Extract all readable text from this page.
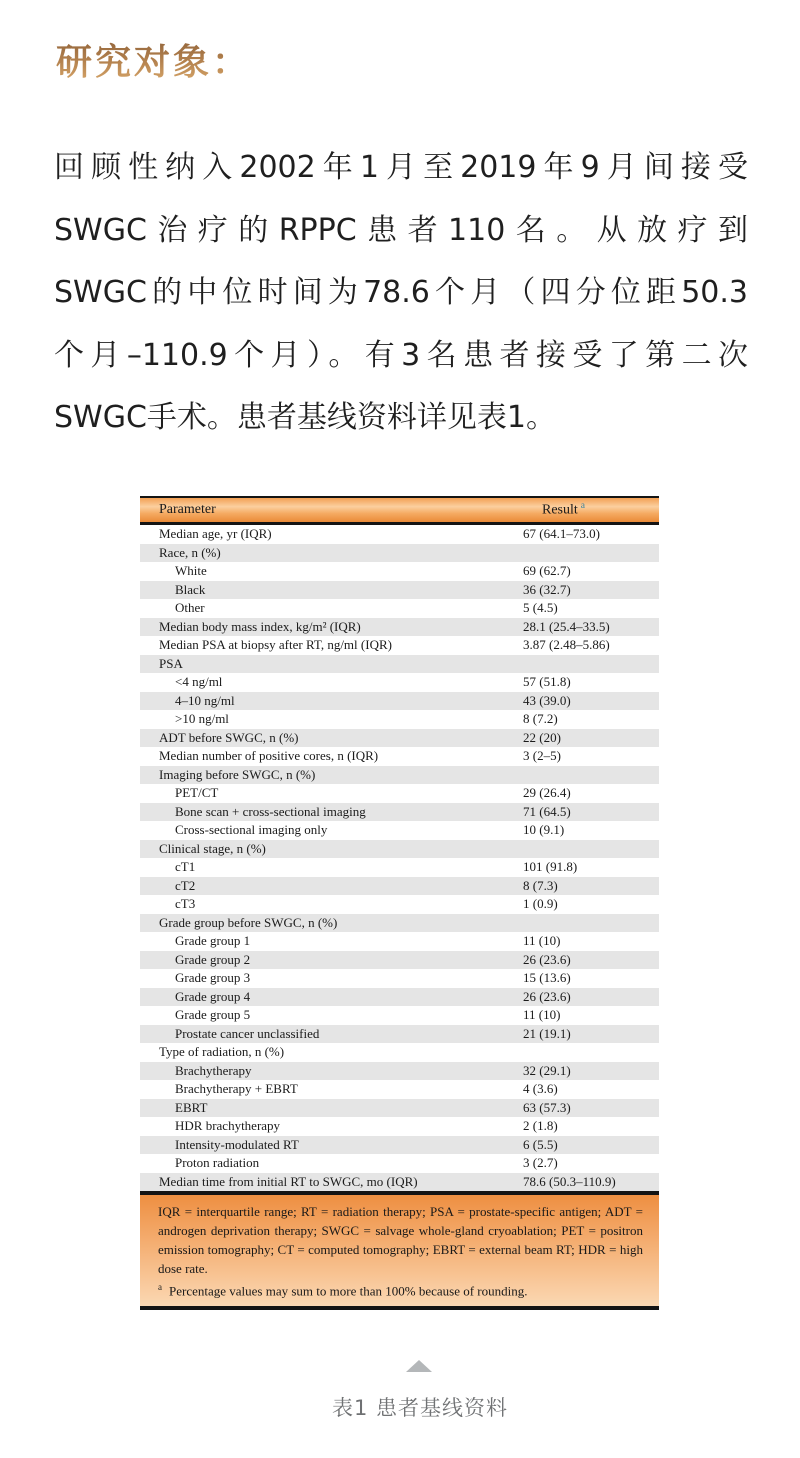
研究对象：
回顾性纳入2002年1月至2019年9月间接受
SWGC治疗的RPPC患者110名。从放疗到
SWGC的中位时间为78.6个月（四分位距50.3
个月–110.9个月）。有3名患者接受了第二次
SWGC手术。患者基线资料详见表1。
Parameter	Result $^a$
Median age, yr (IQR)	67 (64.1–73.0)
Race, n (%)
White	69 (62.7)
Black	36 (32.7)
Other	5 (4.5)
Median body mass index, kg/m² (IQR)	28.1 (25.4–33.5)
Median PSA at biopsy after RT, ng/ml (IQR)	3.87 (2.48–5.86)
PSA
<4 ng/ml	57 (51.8)
4–10 ng/ml	43 (39.0)
>10 ng/ml	8 (7.2)
ADT before SWGC, n (%)	22 (20)
Median number of positive cores, n (IQR)	3 (2–5)
Imaging before SWGC, n (%)
PET/CT	29 (26.4)
Bone scan + cross-sectional imaging	71 (64.5)
Cross-sectional imaging only	10 (9.1)
Clinical stage, n (%)
cT1	101 (91.8)
cT2	8 (7.3)
cT3	1 (0.9)
Grade group before SWGC, n (%)
Grade group 1	11 (10)
Grade group 2	26 (23.6)
Grade group 3	15 (13.6)
Grade group 4	26 (23.6)
Grade group 5	11 (10)
Prostate cancer unclassified	21 (19.1)
Type of radiation, n (%)
Brachytherapy	32 (29.1)
Brachytherapy + EBRT	4 (3.6)
EBRT	63 (57.3)
HDR brachytherapy	2 (1.8)
Intensity-modulated RT	6 (5.5)
Proton radiation	3 (2.7)
Median time from initial RT to SWGC, mo (IQR)	78.6 (50.3–110.9)
IQR = interquartile range; RT = radiation therapy; PSA = prostate-specific antigen; ADT = androgen deprivation therapy; SWGC = salvage whole-gland cryoablation; PET = positron emission tomography; CT = computed tomography; EBRT = external beam RT; HDR = high dose rate.
$^a$ Percentage values may sum to more than 100% because of rounding.
表1 患者基线资料
